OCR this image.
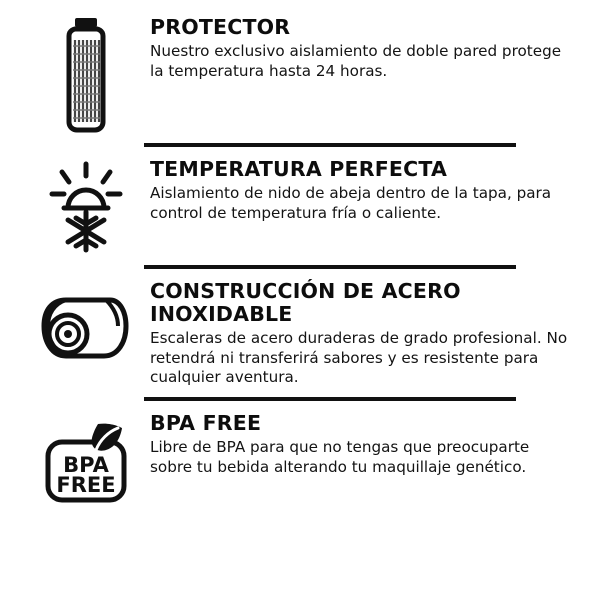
PROTECTOR

Nuestro exclusivo aislamiento de doble pared protege la temperatura hasta 24 horas.

TEMPERATURA PERFECTA

Aislamiento de nido de abeja dentro de la tapa, para control de temperatura fría o caliente.

CONSTRUCCIÓN DE ACERO INOXIDABLE

Escaleras de acero duraderas de grado profesional. No retendrá ni transferirá sabores y es resistente para cualquier aventura.

BPA
FREE
BPA FREE

Libre de BPA para que no tengas que preocuparte sobre tu bebida alterando tu maquillaje genético.
